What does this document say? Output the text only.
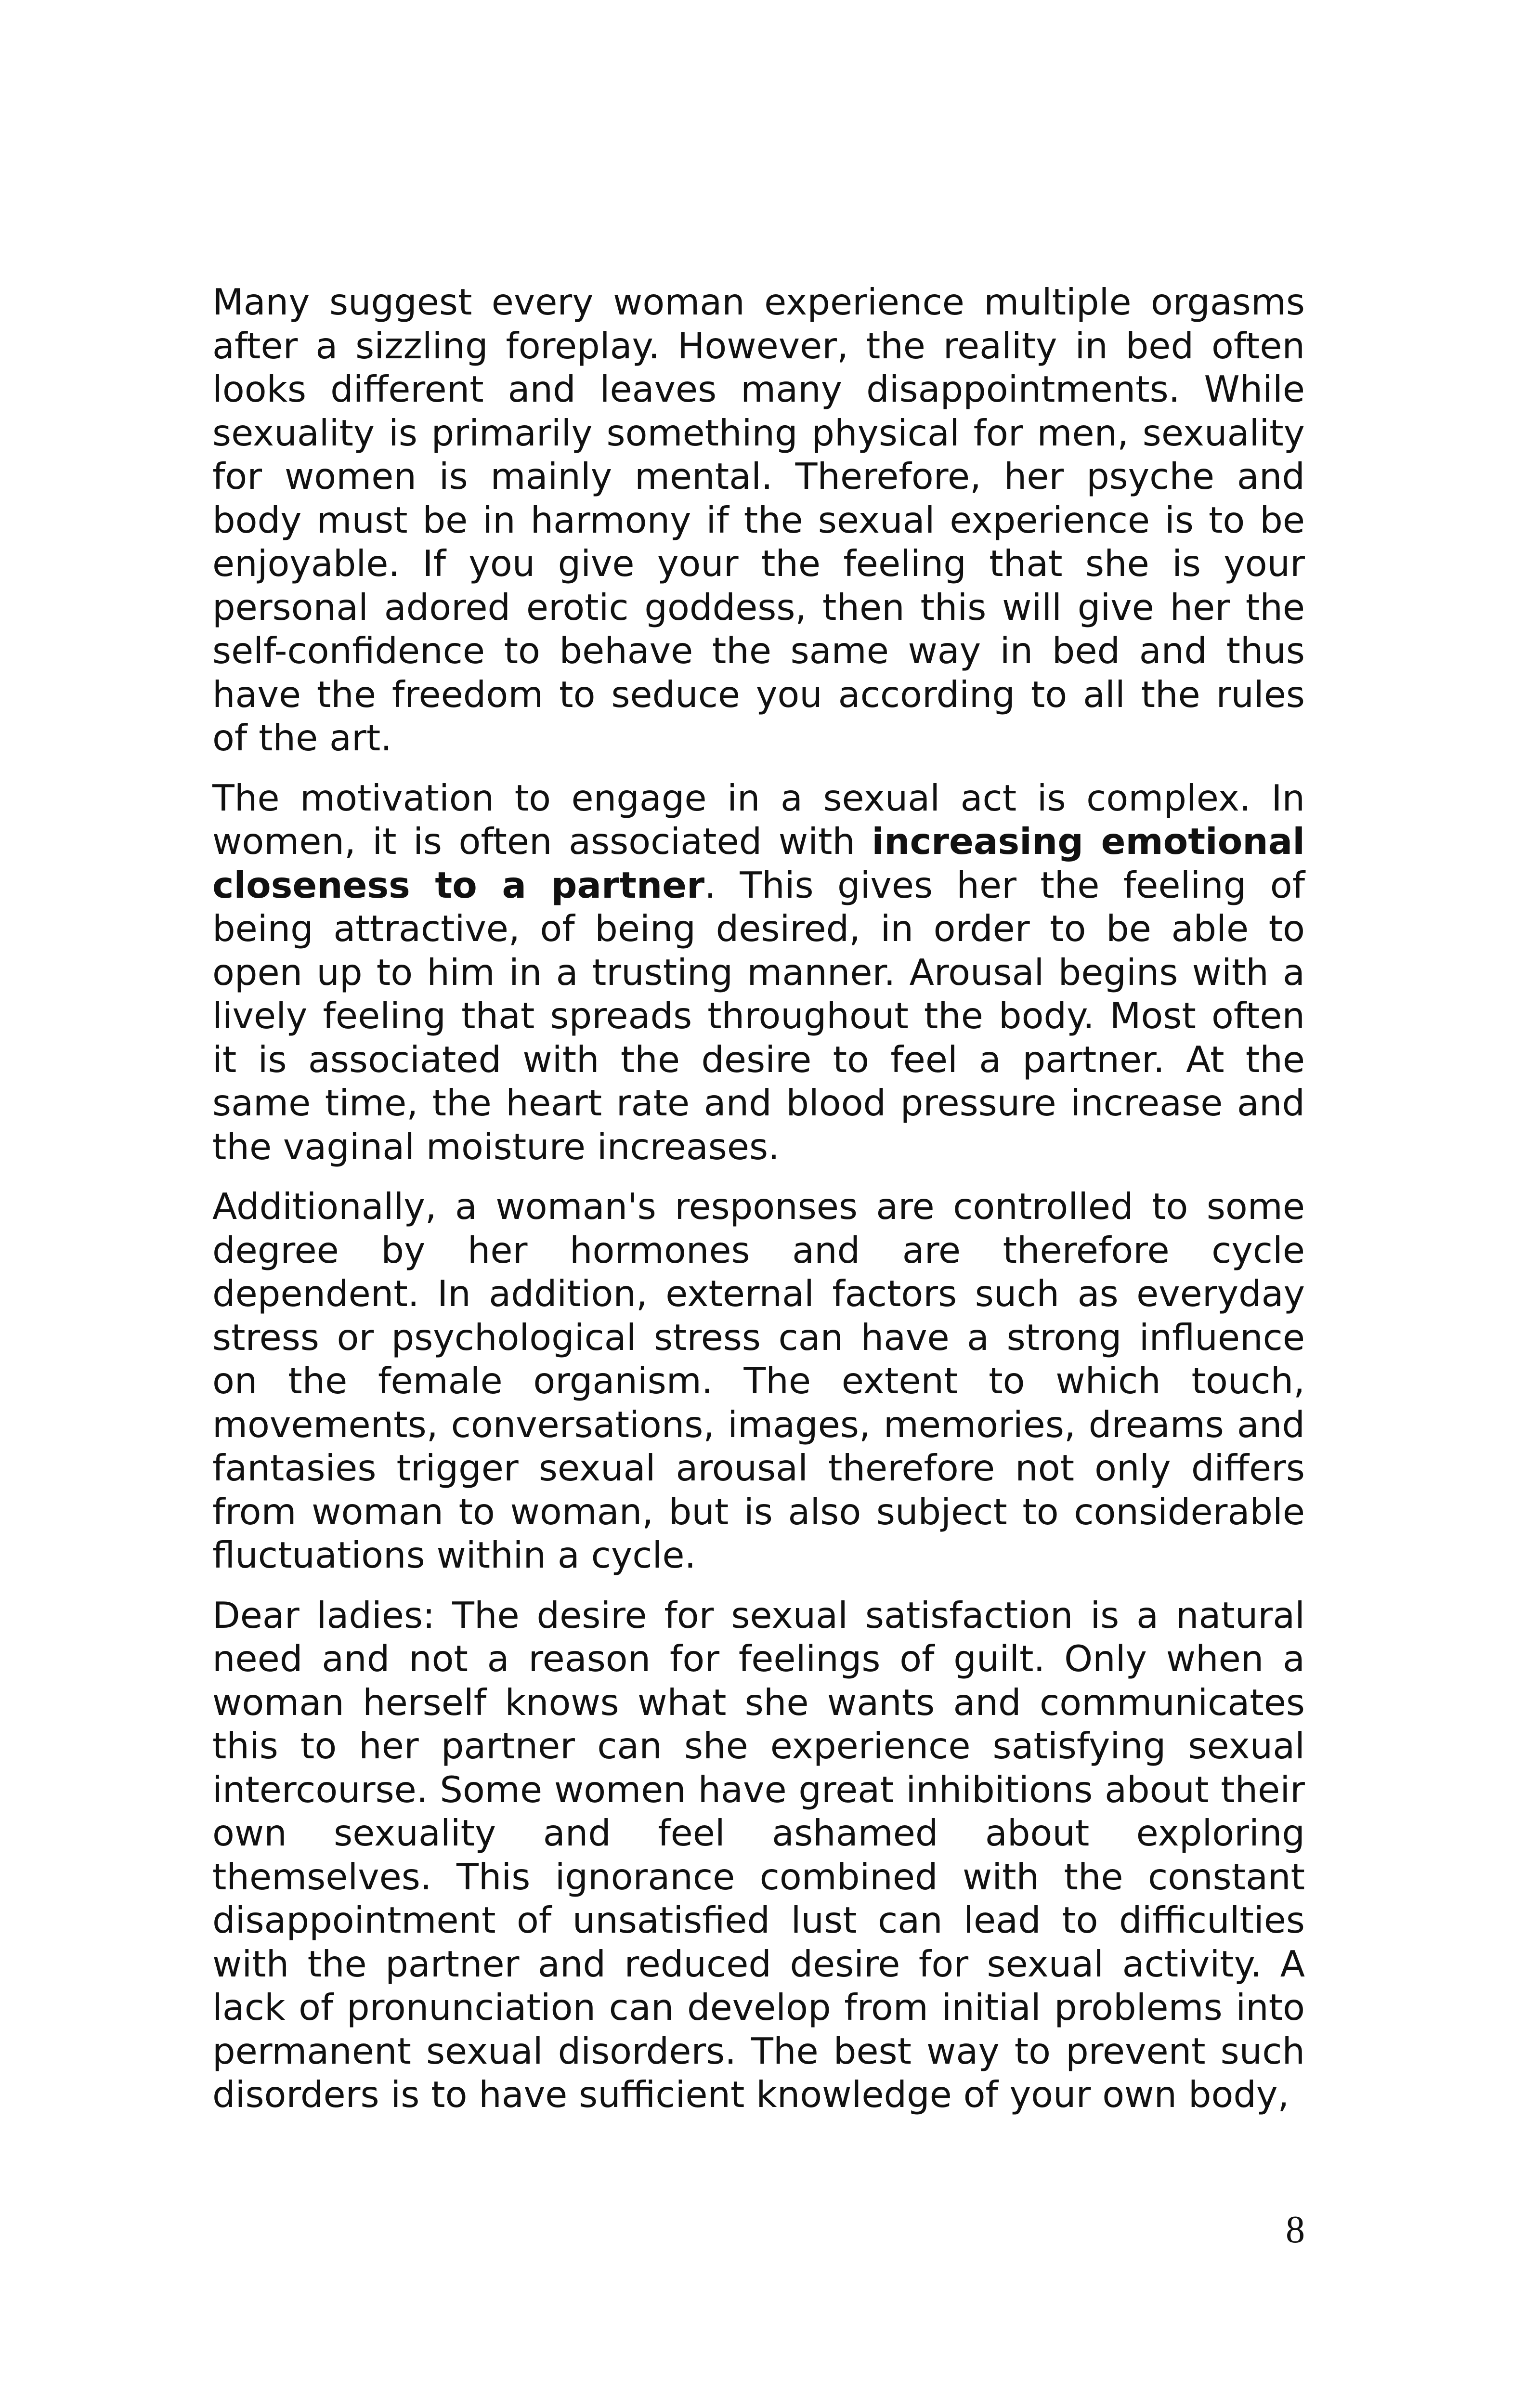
Many suggest every woman experience multiple orgasms after a sizzling foreplay. However, the reality in bed often looks different and leaves many disappointments. While sexuality is primarily something physical for men, sexuality for women is mainly mental. Therefore, her psyche and body must be in harmony if the sexual experience is to be enjoyable. If you give your the feeling that she is your personal adored erotic goddess, then this will give her the self-confidence to behave the same way in bed and thus have the freedom to seduce you according to all the rules of the art.

The motivation to engage in a sexual act is complex. In women, it is often associated with increasing emotional closeness to a partner. This gives her the feeling of being attractive, of being desired, in order to be able to open up to him in a trusting manner. Arousal begins with a lively feeling that spreads throughout the body. Most often it is associated with the desire to feel a partner. At the same time, the heart rate and blood pressure increase and the vaginal moisture increases.

Additionally, a woman's responses are controlled to some degree by her hormones and are therefore cycle dependent. In addition, external factors such as everyday stress or psychological stress can have a strong influence on the female organism. The extent to which touch, movements, conversations, images, memories, dreams and fantasies trigger sexual arousal therefore not only differs from woman to woman, but is also subject to considerable fluctuations within a cycle.

Dear ladies: The desire for sexual satisfaction is a natural need and not a reason for feelings of guilt. Only when a woman herself knows what she wants and communicates this to her partner can she experience satisfying sexual intercourse. Some women have great inhibitions about their own sexuality and feel ashamed about exploring themselves. This ignorance combined with the constant disappointment of unsatisfied lust can lead to difficulties with the partner and reduced desire for sexual activity. A lack of pronunciation can develop from initial problems into permanent sexual disorders. The best way to prevent such disorders is to have sufficient knowledge of your own body,

8
